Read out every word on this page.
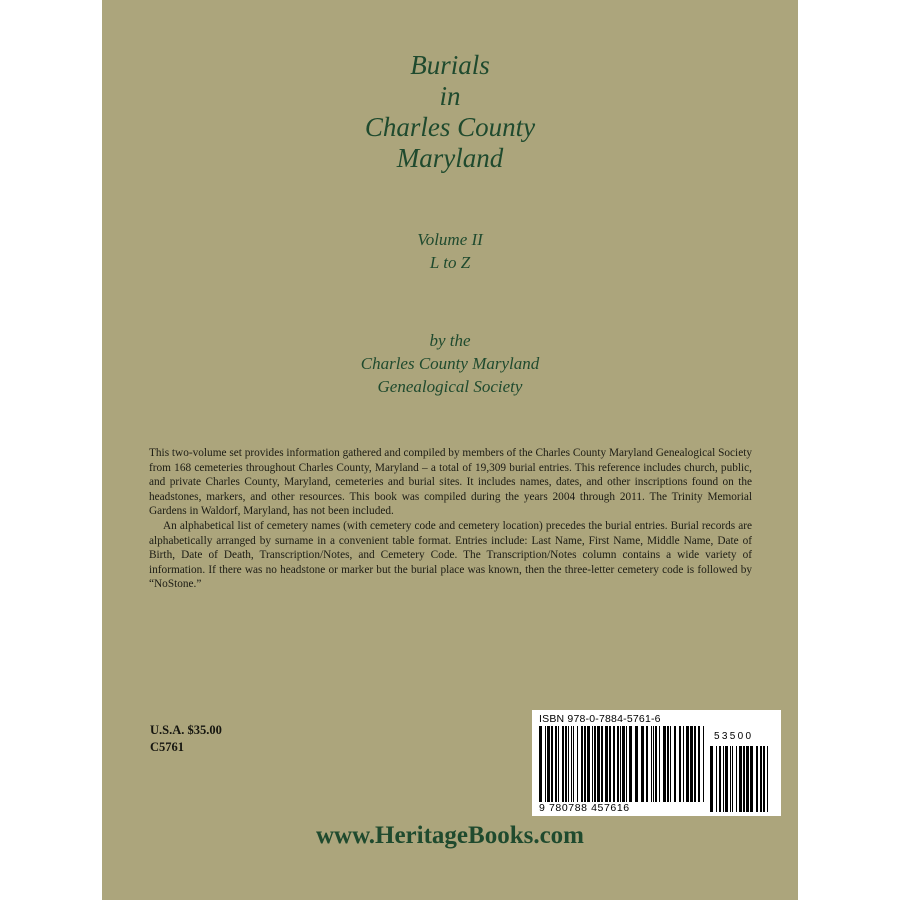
Burials
in
Charles County
Maryland
Volume II
L to Z
by the
Charles County Maryland
Genealogical Society

This two-volume set provides information gathered and compiled by members of the Charles County Maryland Genealogical Society from 168 cemeteries throughout Charles County, Maryland – a total of 19,309 burial entries. This reference includes church, public, and private Charles County, Maryland, cemeteries and burial sites. It includes names, dates, and other inscriptions found on the headstones, markers, and other resources. This book was compiled during the years 2004 through 2011. The Trinity Memorial Gardens in Waldorf, Maryland, has not been included.

An alphabetical list of cemetery names (with cemetery code and cemetery location) precedes the burial entries. Burial records are alphabetically arranged by surname in a convenient table format. Entries include: Last Name, First Name, Middle Name, Date of Birth, Date of Death, Transcription/Notes, and Cemetery Code. The Transcription/Notes column contains a wide variety of information. If there was no headstone or marker but the burial place was known, then the three-letter cemetery code is followed by “NoStone.”

U.S.A. $35.00
C5761
ISBN 978-0-7884-5761-6
53500
9 780788 457616
www.HeritageBooks.com
